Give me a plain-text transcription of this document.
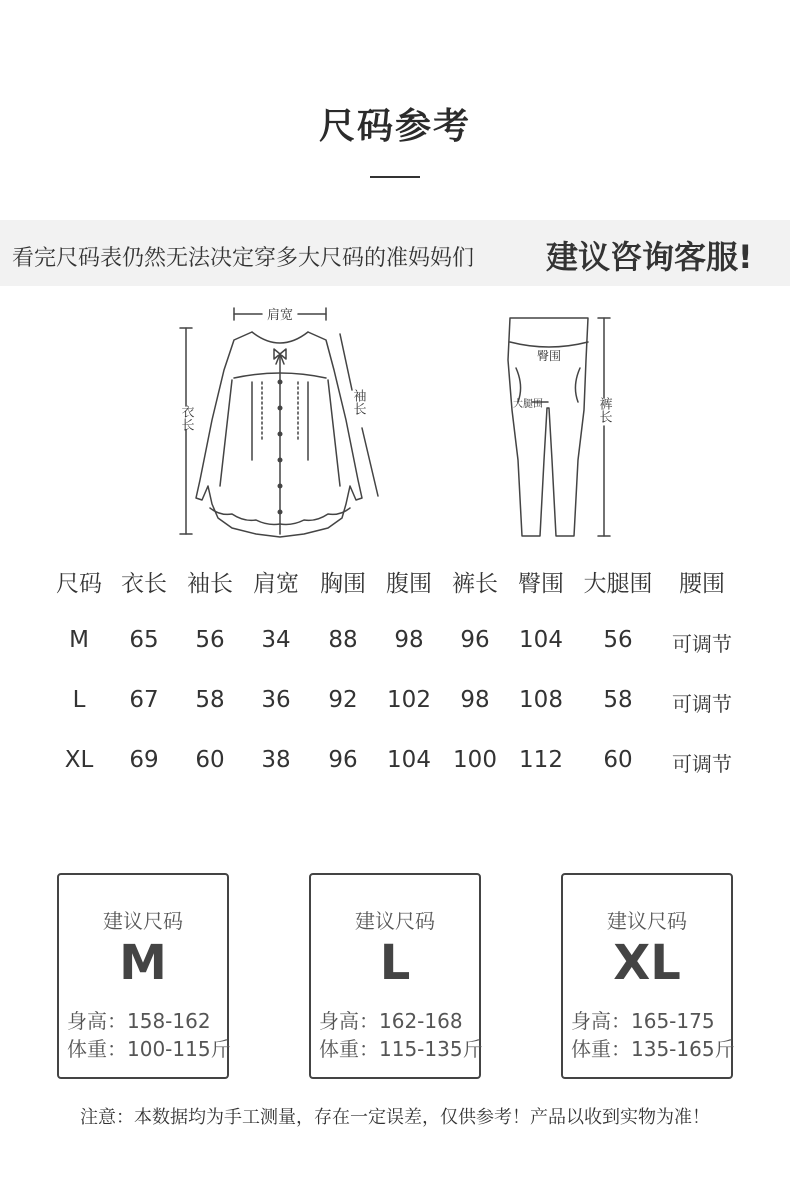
尺码参考
看完尺码表仍然无法决定穿多大尺码的准妈妈们 建议咨询客服!
肩宽
衣长
袖长
臀围
大腿围	裤长
尺码 衣长 袖长 肩宽 胸围 腹围 裤长 臀围 大腿围 腰围
M 65 56 34 88 98 96 104 56 可调节
L 67 58 36 92 102 98 108 58 可调节
XL 69 60 38 96 104 100 112 60 可调节
建议尺码
M
身高：158-162
体重：100-115斤
建议尺码
L
身高：162-168
体重：115-135斤
建议尺码
XL
身高：165-175
体重：135-165斤
注意：本数据均为手工测量，存在一定误差，仅供参考！产品以收到实物为准！
